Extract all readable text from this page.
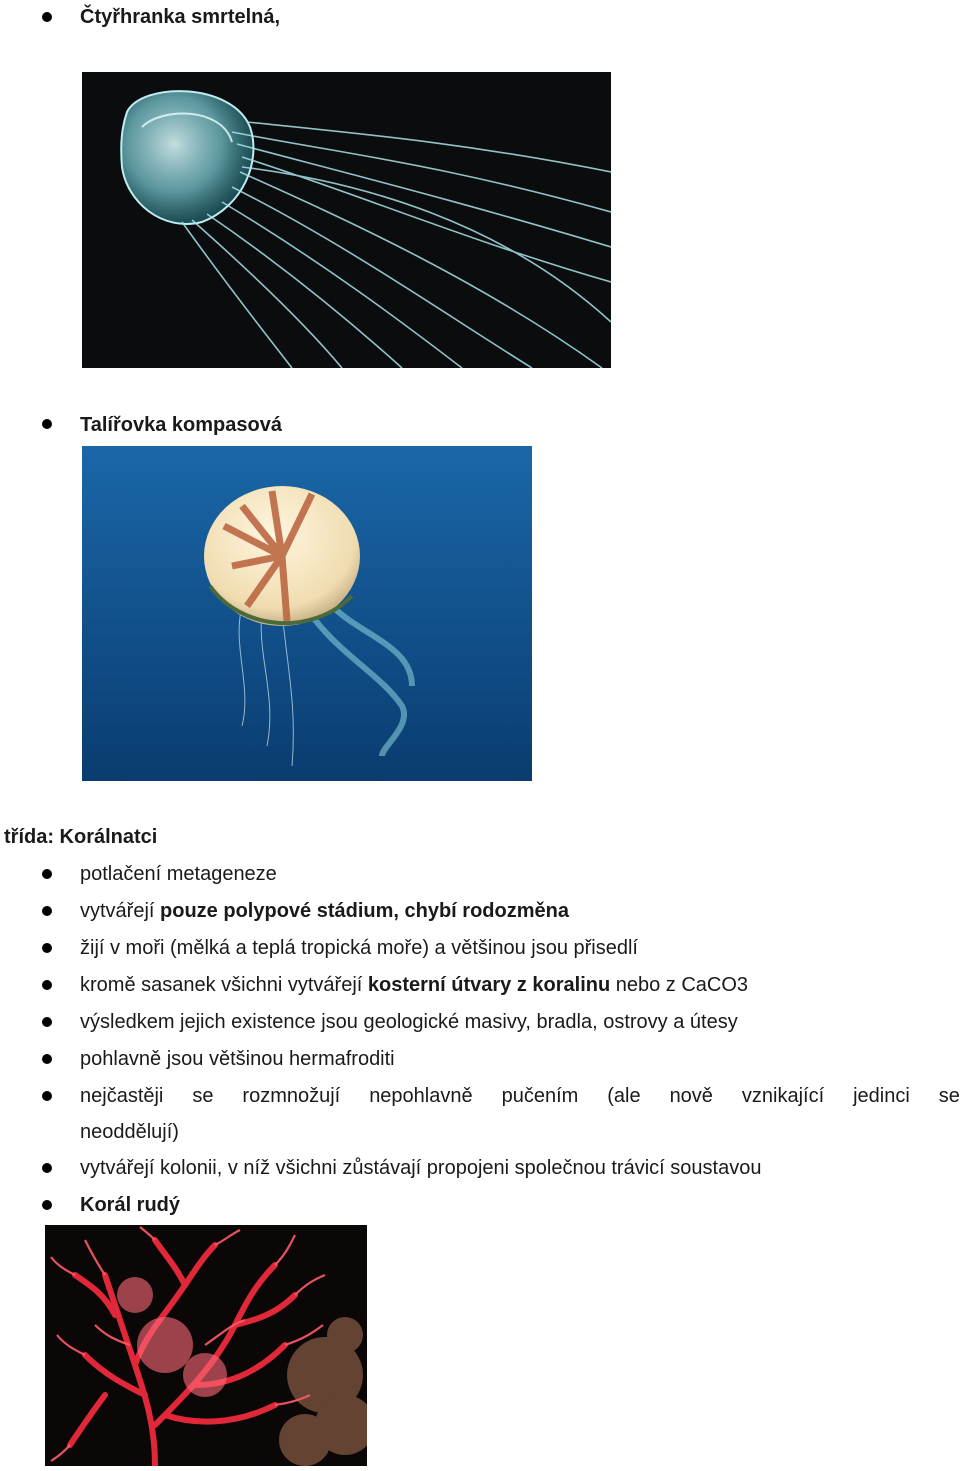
Čtyřhranka smrtelná,
Talířovka kompasová
třída: Korálnatci
potlačení metageneze
vytvářejí pouze polypové stádium, chybí rodozměna
žijí v moři (mělká a teplá tropická moře) a většinou jsou přisedlí
kromě sasanek všichni vytvářejí kosterní útvary z koralinu nebo z CaCO3
výsledkem jejich existence jsou geologické masivy, bradla, ostrovy a útesy
pohlavně jsou většinou hermafroditi
nejčastěji se rozmnožují nepohlavně pučením (ale nově vznikající jedinci se
neoddělují)
vytvářejí kolonii, v níž všichni zůstávají propojeni společnou trávicí soustavou
Korál rudý
